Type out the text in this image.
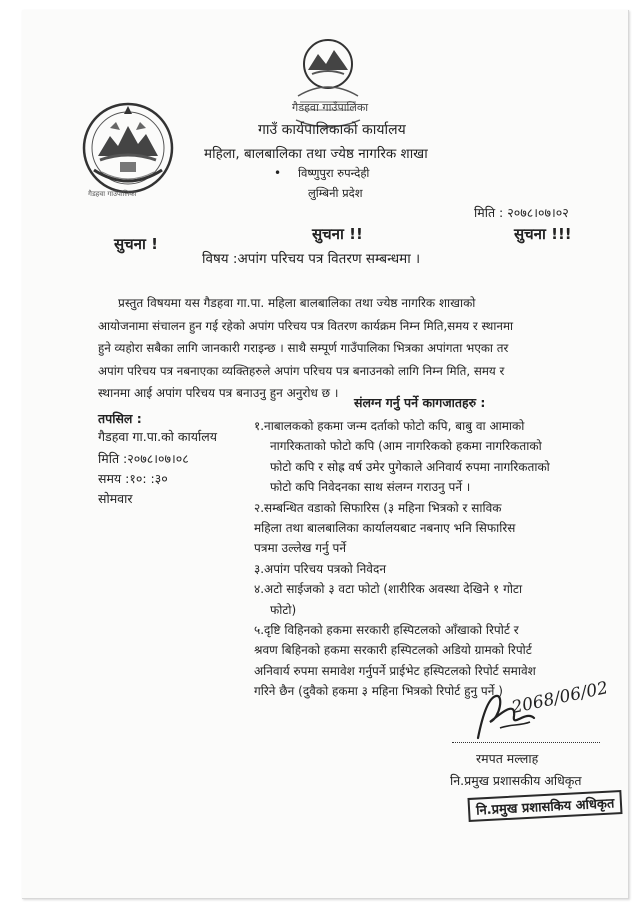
गैडहवा गाउँपालिका
गाउँ कार्यपालिकाको कार्यालय
महिला, बालबालिका तथा ज्येष्ठ नागरिक शाखा
• विष्णुपुरा रुपन्देही
लुम्बिनी प्रदेश
गैडहवा गाउँपालिका
मिति : २०७८।०७।०२
सुचना !
सुचना !!	सुचना !!!
विषय :अपांग परिचय पत्र वितरण सम्बन्धमा ।
प्रस्तुत विषयमा यस गैडहवा गा.पा. महिला बालबालिका तथा ज्येष्ठ नागरिक शाखाको
आयोजनामा संचालन हुन गई रहेको अपांग परिचय पत्र वितरण कार्यक्रम निम्न मिति,समय र स्थानमा
हुने व्यहोरा सबैका लागि जानकारी गराइन्छ । साथै सम्पूर्ण गाउँपालिका भित्रका अपांगता भएका तर
अपांग परिचय पत्र नबनाएका व्यक्तिहरुले अपांग परिचय पत्र बनाउनको लागि निम्न मिति, समय र
स्थानमा आई अपांग परिचय पत्र बनाउनु हुन अनुरोध छ ।
तपसिल :
गैडहवा गा.पा.को कार्यालय
मिति :२०७८।०७।०८
समय :१०: :३०
सोमवार
संलग्न गर्नु पर्ने कागजातहरु :
१.नाबालकको हकमा जन्म दर्ताको फोटो कपि, बाबु वा आमाको
नागरिकताको फोटो कपि (आम नागरिकको हकमा नागरिकताको
फोटो कपि र सोह्र वर्ष उमेर पुगेकाले अनिवार्य रुपमा नागरिकताको
फोटो कपि निवेदनका साथ संलग्न गराउनु पर्ने ।
२.सम्बन्धित वडाको सिफारिस (३ महिना भित्रको र साविक
महिला तथा बालबालिका कार्यालयबाट नबनाए भनि सिफारिस
पत्रमा उल्लेख गर्नु पर्ने
३.अपांग परिचय पत्रको निवेदन
४.अटो साईजको ३ वटा फोटो (शारीरिक अवस्था देखिने १ गोटा
फोटो)
५.दृष्टि विहिनको हकमा सरकारी हस्पिटलको आँखाको रिपोर्ट र
श्रवण बिहिनको हकमा सरकारी हस्पिटलको अडियो ग्रामको रिपोर्ट
अनिवार्य रुपमा समावेश गर्नुपर्ने प्राईभेट हस्पिटलको रिपोर्ट समावेश
गरिने छैन (दुवैको हकमा ३ महिना भित्रको रिपोर्ट हुनु पर्ने ) 2068/06/02
रमपत मल्लाह
नि.प्रमुख प्रशासकीय अधिकृत
नि.प्रमुख प्रशासकिय अधिकृत
